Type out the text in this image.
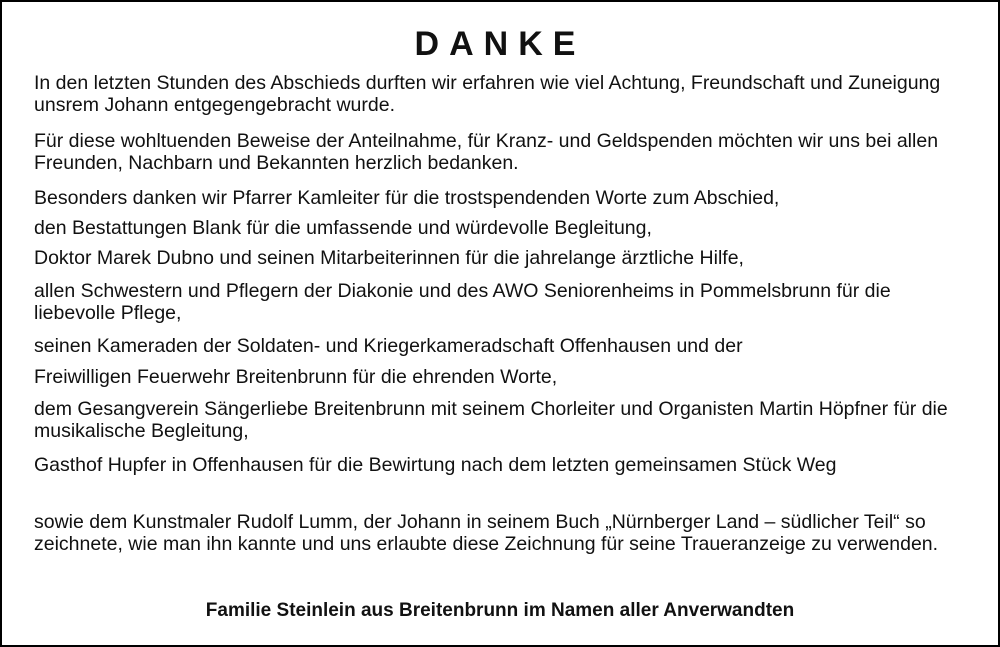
DANKE

In den letzten Stunden des Abschieds durften wir erfahren wie viel Achtung, Freundschaft und Zuneigung unsrem Johann entgegengebracht wurde.

Für diese wohltuenden Beweise der Anteilnahme, für Kranz- und Geldspenden möchten wir uns bei allen Freunden, Nachbarn und Bekannten herzlich bedanken.

Besonders danken wir Pfarrer Kamleiter für die trostspendenden Worte zum Abschied,

den Bestattungen Blank für die umfassende und würdevolle Begleitung,

Doktor Marek Dubno und seinen Mitarbeiterinnen für die jahrelange ärztliche Hilfe,

allen Schwestern und Pflegern der Diakonie und des AWO Seniorenheims in Pommelsbrunn für die liebevolle Pflege,

seinen Kameraden der Soldaten- und Kriegerkameradschaft Offenhausen und der

Freiwilligen Feuerwehr Breitenbrunn für die ehrenden Worte,

dem Gesangverein Sängerliebe Breitenbrunn mit seinem Chorleiter und Organisten Martin Höpfner für die musikalische Begleitung,

Gasthof Hupfer in Offenhausen für die Bewirtung nach dem letzten gemeinsamen Stück Weg

sowie dem Kunstmaler Rudolf Lumm, der Johann in seinem Buch „Nürnberger Land – südlicher Teil“ so zeichnete, wie man ihn kannte und uns erlaubte diese Zeichnung für seine Traueranzeige zu verwenden.

Familie Steinlein aus Breitenbrunn im Namen aller Anverwandten
